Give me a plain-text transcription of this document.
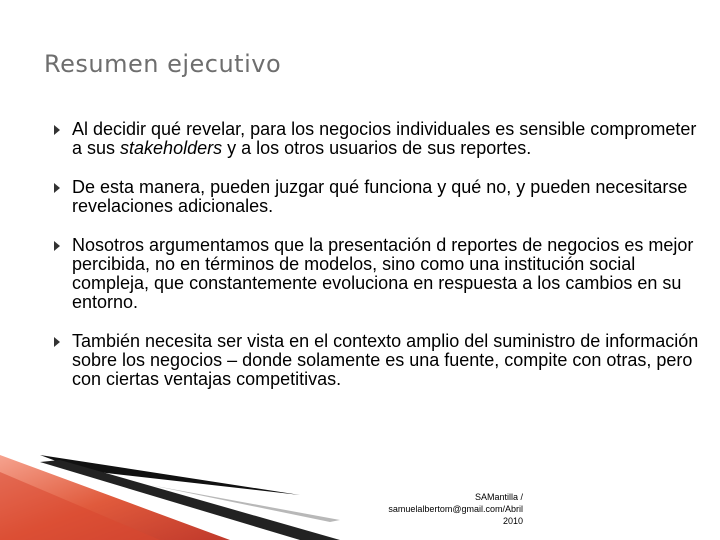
Resumen ejecutivo
Al decidir qué revelar, para los negocios individuales es sensible comprometer a sus stakeholders y a los otros usuarios de sus reportes.
De esta manera, pueden juzgar qué funciona y qué no, y pueden necesitarse revelaciones adicionales.
Nosotros argumentamos que la presentación d reportes de negocios es mejor percibida, no en términos de modelos, sino como una institución social compleja, que constantemente evoluciona en respuesta a los cambios en su entorno.
También necesita ser vista en el contexto amplio del suministro de información sobre los negocios – donde solamente es una fuente, compite con otras, pero con ciertas ventajas competitivas.
SAMantilla /
samuelalbertom@gmail.com/Abril
2010
